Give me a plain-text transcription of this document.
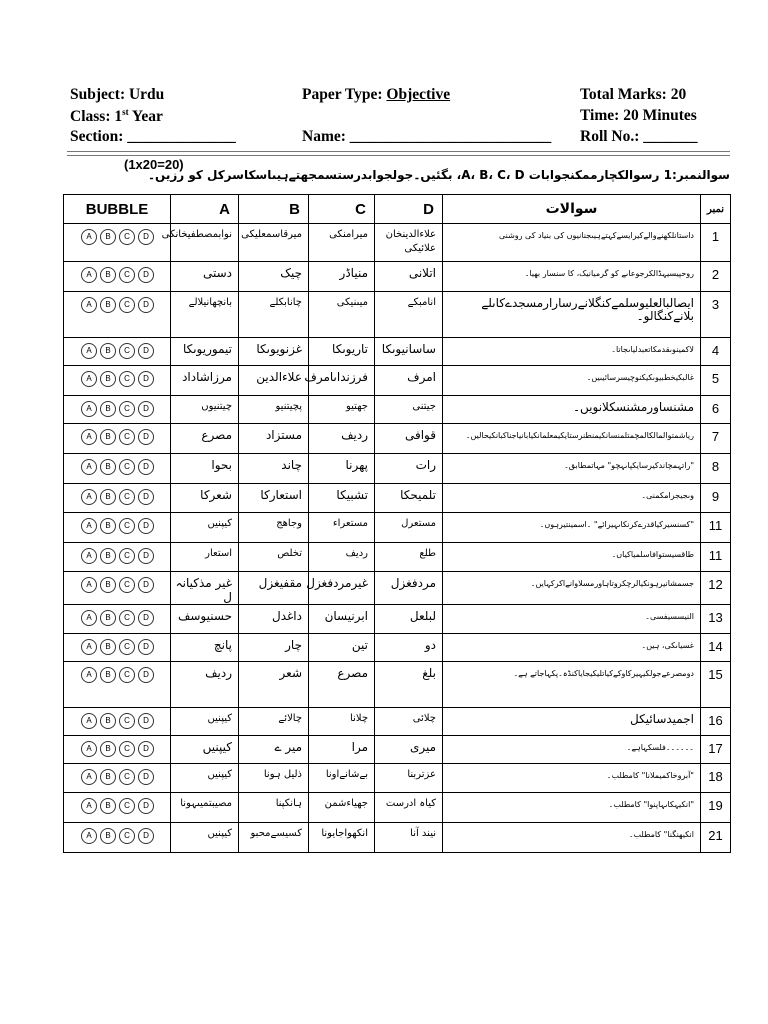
Subject: Urdu	Paper Type: Objective	Total Marks: 20
Class: 1st Year	Time: 20 Minutes
Section: ______________	Name: __________________________ Roll No.: _______
(1x20=20)
سوالنمبر:1 رسوالکچارممکنجوابات A، B، C، D، بگئیں۔جولجوابدرستسمجھتےہیںاسکاسرکل کو رزیں۔
BUBBLE	A	B	C	D	سوالات	نمبر

A B C D	نوابمصطفیخانکی	میرقاسمعلیکی	میرامنکی	علاءالدینخان علائیکی	داستانلکھنےوالےکیرایسےکہتےہیںجنانیوں کی بنیاد کی روشنی	1

A B C D	دستی	چیک	منیاڈر	اتلانی	روحپیسیہڈالکرجوعاںے کو گرمیانیک، کا سنسار بھیا۔	2

A B C D	بانچھانیلالے	چانابکلے	میںنیکی	انامبکے	ایصالبالعلیوسلمےکنگلانےرسارارمسجدےکاںلے بلانےکنگالو۔	3

A B C D	تیموریوںکا	غزنویوںکا	تاریوںکا	ساسانیوںکا	لاکمینوںقدمکاتعبدلیاںجاتا۔	4

A B C D	مرزاشاداد	علاءالدین	فرزنداںامرف	امرف	غالبکیخطبیوںکیکنوچیسرسائیںیں۔	5

A B C D	چیتنیوں	پچیتنیو	جھتیو	جیتنی	مشنساورمشنسکلانویں۔	6

A B C D	مصرع	مستزاد	ردیف	قوافی	ریاشمتوالمالکالمچمتلمنسانکیمنطنرستایکیمعلمانکیابانیاجناکبانکیحالیں۔	7

A B C D	بحوا	چاند	پھرنا	رات	"راتہمچاندکیرسایکپاںہچو" مہاتمطابق۔	8

A B C D	شعرکا	استعارکا	تشبیکا	تلمیحکا	وںجیجرامکمنی۔	9

A B C D	کیپنیں	وجاھج	مستعراء	مستعرل	"کسنسیرکیاقدرےکرنکاںہیرائے" ۔اسمینتیرہوں۔	11

A B C D	استعار	تخلص	ردیف	طلع	طاقسیستوافاسلمیاکیاں۔	11

A B C D	غیر مذکیانہ ل	مقفیغزل	غیرمردفغزل	مردفغزل	جسمشانیرہونکیالرچکروتاہاورمسلاوانےاکرکہایں۔	12

A B C D	حسنیوسف	داغدل	ابرنیسان	لبلعل	النیسسیفسی۔	13

A B C D	پانچ	چار	تین	دو	غسیاںکی، ہیں۔	14

A B C D	ردیف	شعر	مصرع	بلغ	دومصرعےجولکیہیرکاوکےکیاتلیکیجایاکنڈہ۔پکہاجاتے ہے۔	15

A B C D	کیپنیں	چالائے	چلانا	چلائی	اجمیدسائیکل	16

A B C D	کیپنیں	میر ے	مرا	میری	۔۔۔۔۔۔فلسکہاہے۔	17

A B C D	کیپنیں	ذلیل ہونا	بےشانےاونا	عزتربنا	"آبروخاکمیملانا" کامطلب۔	18

A B C D	مصیبتمیںہونا	ہانکپنا	جھیاءشمن	کیاہ ادرست	"انکیہکاںہاپنوا" کامطلب۔	19

A B C D	کیپنیں	کسیسےمحبو	انکھواجایونا	نیند آنا	انکیھنگنا" کامطلب۔	21
